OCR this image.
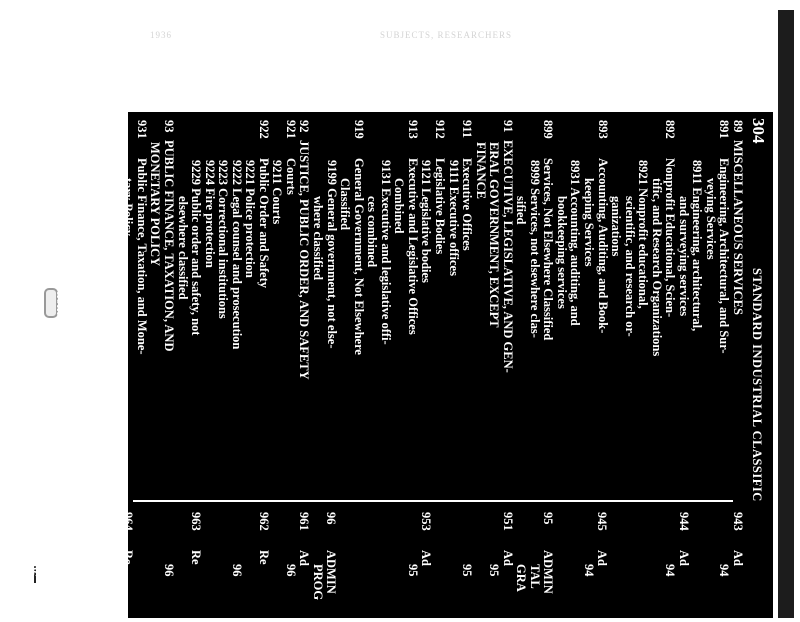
1936	SUBJECTS, RESEARCHERS
304
STANDARD INDUSTRIAL CLASSIFIC
89MISCELLANEOUS SERVICES
891Engineering, Architectural, and Sur-
veying Services
8911 Engineering, architectural,
and surveying services
892Nonprofit Educational, Scien-
tific, and Research Organizations
8921 Nonprofit educational,
scientific, and research or-
ganizations
893Accounting, Auditing, and Book-
keeping Services
8931 Accounting, auditing, and
bookkeeping services
899Services, Not Elsewhere Classified
8999 Services, not elsewhere clas-
sified
91EXECUTIVE, LEGISLATIVE, AND GEN-
ERAL GOVERNMENT, EXCEPT
FINANCE
911Executive Offices
9111 Executive offices
912Legislative Bodies
9121 Legislative bodies
913Executive and Legislative Offices
Combined
9131 Executive and legislative offi-
ces combined
919General Government, Not Elsewhere
Classified
9199 General government, not else-
where classified
92JUSTICE, PUBLIC ORDER, AND SAFETY
921Courts
9211 Courts
922Public Order and Safety
9221 Police protection
9222 Legal counsel and prosecution
9223 Correctional institutions
9224 Fire protection
9229 Public order and safety, not
elsewhere classified
93PUBLIC FINANCE, TAXATION, AND
MONETARY POLICY
931Public Finance, Taxation, and Mone-
tary Policy
9311 Public finance, taxation, and
monetary policy
94ADMINISTRATION OF HUMAN RE-
SOURCES PROGRAMS
941Administration of Educational Pro-
grams
9411 Administration of educational
programs
943Ad
94
944Ad
94
945Ad
94
95ADMIN
TAL
GRA
951Ad
95
95
953Ad
95
96ADMIN
PROG
961Ad
96
962Re
96
963Re
96
964Re
96
966Re
96
